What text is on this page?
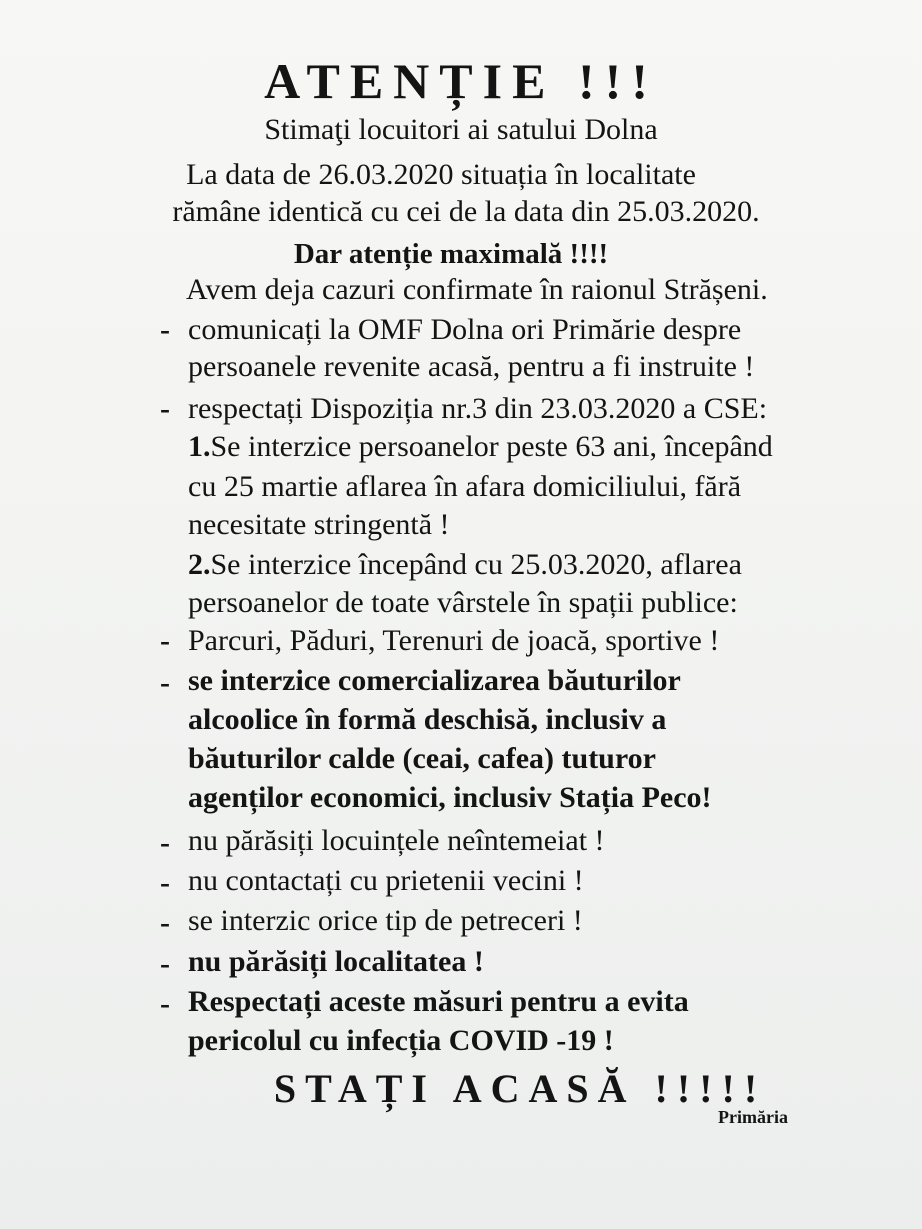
ATENȚIE !!!
Stimaţi locuitori ai satului Dolna
La data de 26.03.2020 situația în localitate
rămâne identică cu cei de la data din 25.03.2020.
Dar atenție maximală !!!!
Avem deja cazuri confirmate în raionul Strășeni.
- comunicați la OMF Dolna ori Primărie despre
persoanele revenite acasă, pentru a fi instruite !
- respectați Dispoziția nr.3 din 23.03.2020 a CSE:
1.Se interzice persoanelor peste 63 ani, începând
cu 25 martie aflarea în afara domiciliului, fără
necesitate stringentă !
2.Se interzice începând cu 25.03.2020, aflarea
persoanelor de toate vârstele în spații publice:
- Parcuri, Păduri, Terenuri de joacă, sportive !
- se interzice comercializarea băuturilor
alcoolice în formă deschisă, inclusiv a
băuturilor calde (ceai, cafea) tuturor
agenților economici, inclusiv Stația Peco!
- nu părăsiți locuințele neîntemeiat !
- nu contactați cu prietenii vecini !
- se interzic orice tip de petreceri !
- nu părăsiți localitatea !
- Respectați aceste măsuri pentru a evita
pericolul cu infecția COVID -19 !
STAȚI ACASĂ !!!!!
Primăria
